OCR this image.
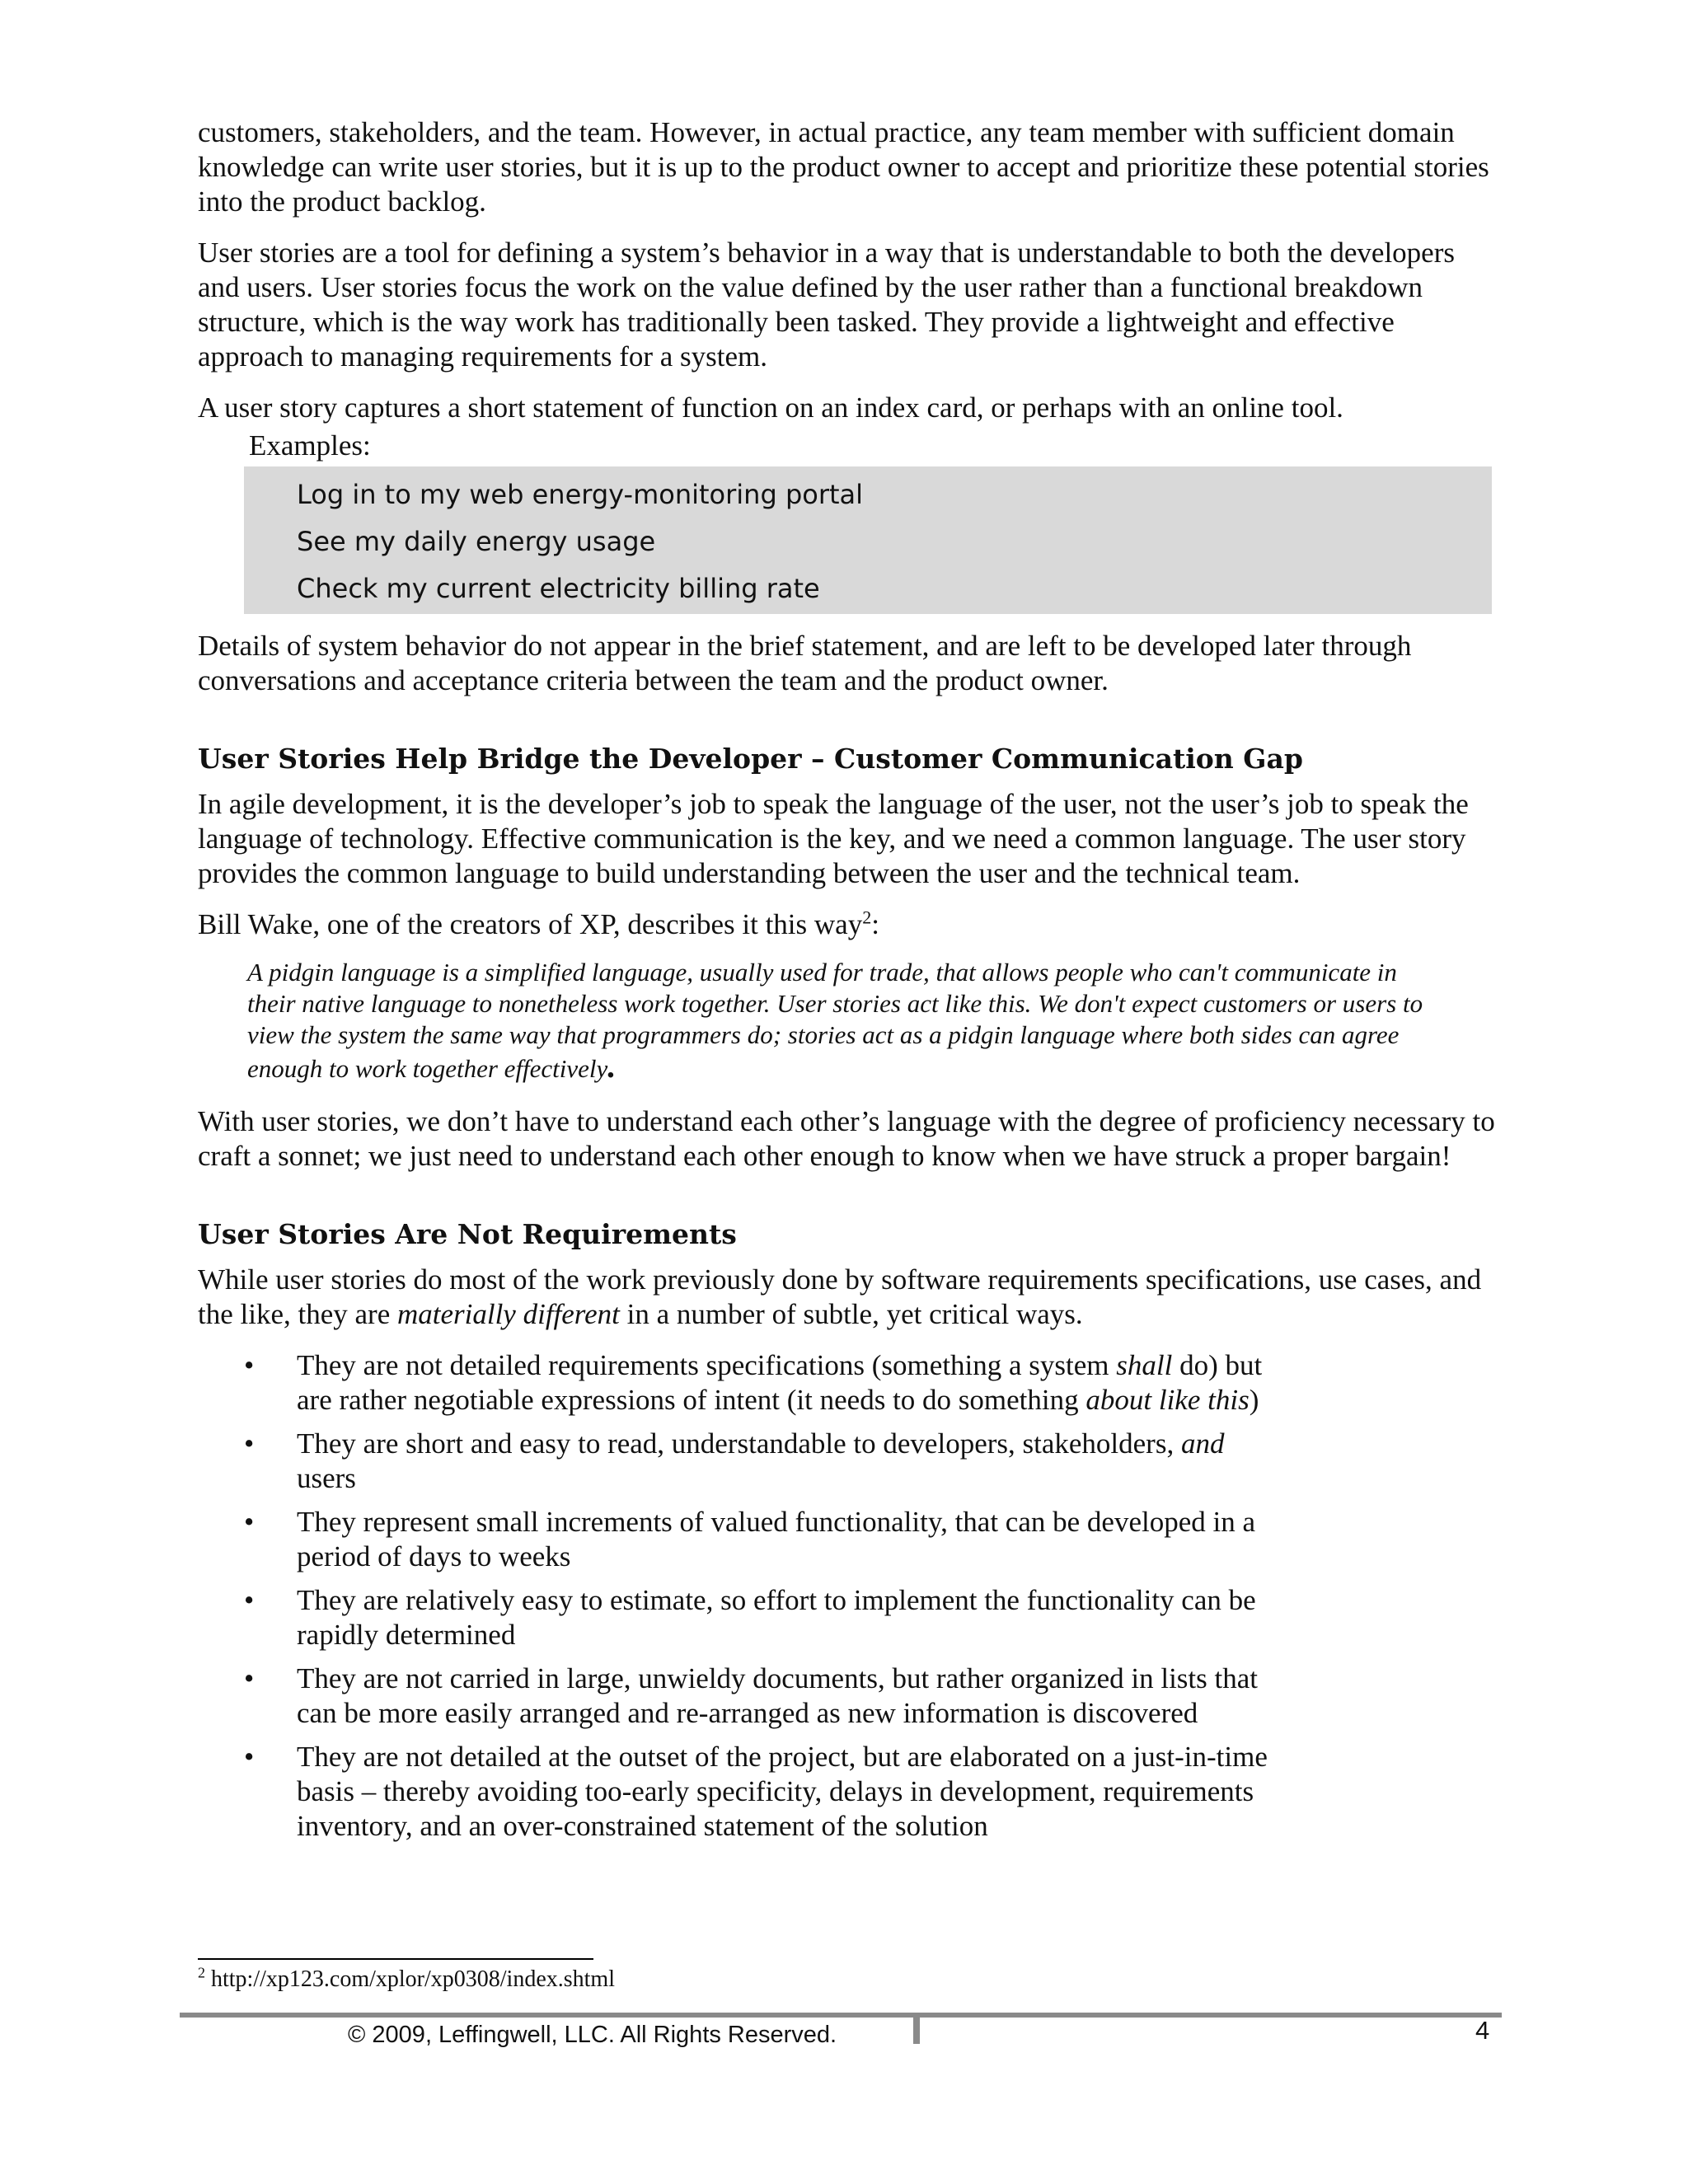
customers, stakeholders, and the team. However, in actual practice, any team member with sufficient domain knowledge can write user stories, but it is up to the product owner to accept and prioritize these potential stories into the product backlog.

User stories are a tool for defining a system’s behavior in a way that is understandable to both the developers and users. User stories focus the work on the value defined by the user rather than a functional breakdown structure, which is the way work has traditionally been tasked. They provide a lightweight and effective approach to managing requirements for a system.

A user story captures a short statement of function on an index card, or perhaps with an online tool.

Examples:
Log in to my web energy-monitoring portal
See my daily energy usage
Check my current electricity billing rate

Details of system behavior do not appear in the brief statement, and are left to be developed later through conversations and acceptance criteria between the team and the product owner.

User Stories Help Bridge the Developer – Customer Communication Gap

In agile development, it is the developer’s job to speak the language of the user, not the user’s job to speak the language of technology. Effective communication is the key, and we need a common language. The user story provides the common language to build understanding between the user and the technical team.

Bill Wake, one of the creators of XP, describes it this way$^2$:

A pidgin language is a simplified language, usually used for trade, that allows people who can't communicate in their native language to nonetheless work together. User stories act like this. We don't expect customers or users to view the system the same way that programmers do; stories act as a pidgin language where both sides can agree enough to work together effectively.

With user stories, we don’t have to understand each other’s language with the degree of proficiency necessary to craft a sonnet; we just need to understand each other enough to know when we have struck a proper bargain!

User Stories Are Not Requirements

While user stories do most of the work previously done by software requirements specifications, use cases, and the like, they are materially different in a number of subtle, yet critical ways.

• They are not detailed requirements specifications (something a system shall do) but are rather negotiable expressions of intent (it needs to do something about like this)
• They are short and easy to read, understandable to developers, stakeholders, and users
• They represent small increments of valued functionality, that can be developed in a period of days to weeks
• They are relatively easy to estimate, so effort to implement the functionality can be rapidly determined
• They are not carried in large, unwieldy documents, but rather organized in lists that can be more easily arranged and re-arranged as new information is discovered
• They are not detailed at the outset of the project, but are elaborated on a just-in-time basis – thereby avoiding too-early specificity, delays in development, requirements inventory, and an over-constrained statement of the solution
$^2$ http://xp123.com/xplor/xp0308/index.shtml
© 2009, Leffingwell, LLC. All Rights Reserved.	4
